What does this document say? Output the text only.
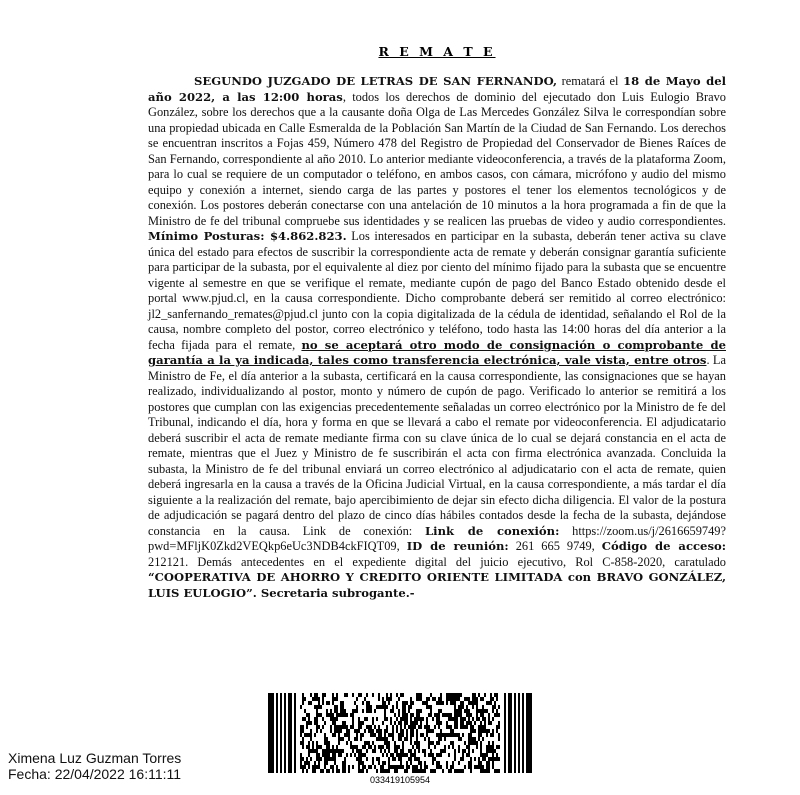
R E M A T E
SEGUNDO JUZGADO DE LETRAS DE SAN FERNANDO, rematará el 18 de Mayo del año 2022, a las 12:00 horas, todos los derechos de dominio del ejecutado don Luis Eulogio Bravo González, sobre los derechos que a la causante doña Olga de Las Mercedes González Silva le correspondían sobre una propiedad ubicada en Calle Esmeralda de la Población San Martín de la Ciudad de San Fernando. Los derechos se encuentran inscritos a Fojas 459, Número 478 del Registro de Propiedad del Conservador de Bienes Raíces de San Fernando, correspondiente al año 2010. Lo anterior mediante videoconferencia, a través de la plataforma Zoom, para lo cual se requiere de un computador o teléfono, en ambos casos, con cámara, micrófono y audio del mismo equipo y conexión a internet, siendo carga de las partes y postores el tener los elementos tecnológicos y de conexión. Los postores deberán conectarse con una antelación de 10 minutos a la hora programada a fin de que la Ministro de fe del tribunal compruebe sus identidades y se realicen las pruebas de video y audio correspondientes. Mínimo Posturas: $4.862.823. Los interesados en participar en la subasta, deberán tener activa su clave única del estado para efectos de suscribir la correspondiente acta de remate y deberán consignar garantía suficiente para participar de la subasta, por el equivalente al diez por ciento del mínimo fijado para la subasta que se encuentre vigente al semestre en que se verifique el remate, mediante cupón de pago del Banco Estado obtenido desde el portal www.pjud.cl, en la causa correspondiente. Dicho comprobante deberá ser remitido al correo electrónico: jl2_sanfernando_remates@pjud.cl junto con la copia digitalizada de la cédula de identidad, señalando el Rol de la causa, nombre completo del postor, correo electrónico y teléfono, todo hasta las 14:00 horas del día anterior a la fecha fijada para el remate, no se aceptará otro modo de consignación o comprobante de garantía a la ya indicada, tales como transferencia electrónica, vale vista, entre otros. La Ministro de Fe, el día anterior a la subasta, certificará en la causa correspondiente, las consignaciones que se hayan realizado, individualizando al postor, monto y número de cupón de pago. Verificado lo anterior se remitirá a los postores que cumplan con las exigencias precedentemente señaladas un correo electrónico por la Ministro de fe del Tribunal, indicando el día, hora y forma en que se llevará a cabo el remate por videoconferencia. El adjudicatario deberá suscribir el acta de remate mediante firma con su clave única de lo cual se dejará constancia en el acta de remate, mientras que el Juez y Ministro de fe suscribirán el acta con firma electrónica avanzada. Concluida la subasta, la Ministro de fe del tribunal enviará un correo electrónico al adjudicatario con el acta de remate, quien deberá ingresarla en la causa a través de la Oficina Judicial Virtual, en la causa correspondiente, a más tardar el día siguiente a la realización del remate, bajo apercibimiento de dejar sin efecto dicha diligencia. El valor de la postura de adjudicación se pagará dentro del plazo de cinco días hábiles contados desde la fecha de la subasta, dejándose constancia en la causa. Link de conexión: Link de conexión: https://zoom.us/j/2616659749?pwd=MFljK0Zkd2VEQkp6eUc3NDB4ckFIQT09, ID de reunión: 261 665 9749, Código de acceso: 212121. Demás antecedentes en el expediente digital del juicio ejecutivo, Rol C-858-2020, caratulado “COOPERATIVA DE AHORRO Y CREDITO ORIENTE LIMITADA con BRAVO GONZÁLEZ, LUIS EULOGIO”. Secretaria subrogante.-
033419105954
Ximena Luz Guzman Torres
Fecha: 22/04/2022 16:11:11
